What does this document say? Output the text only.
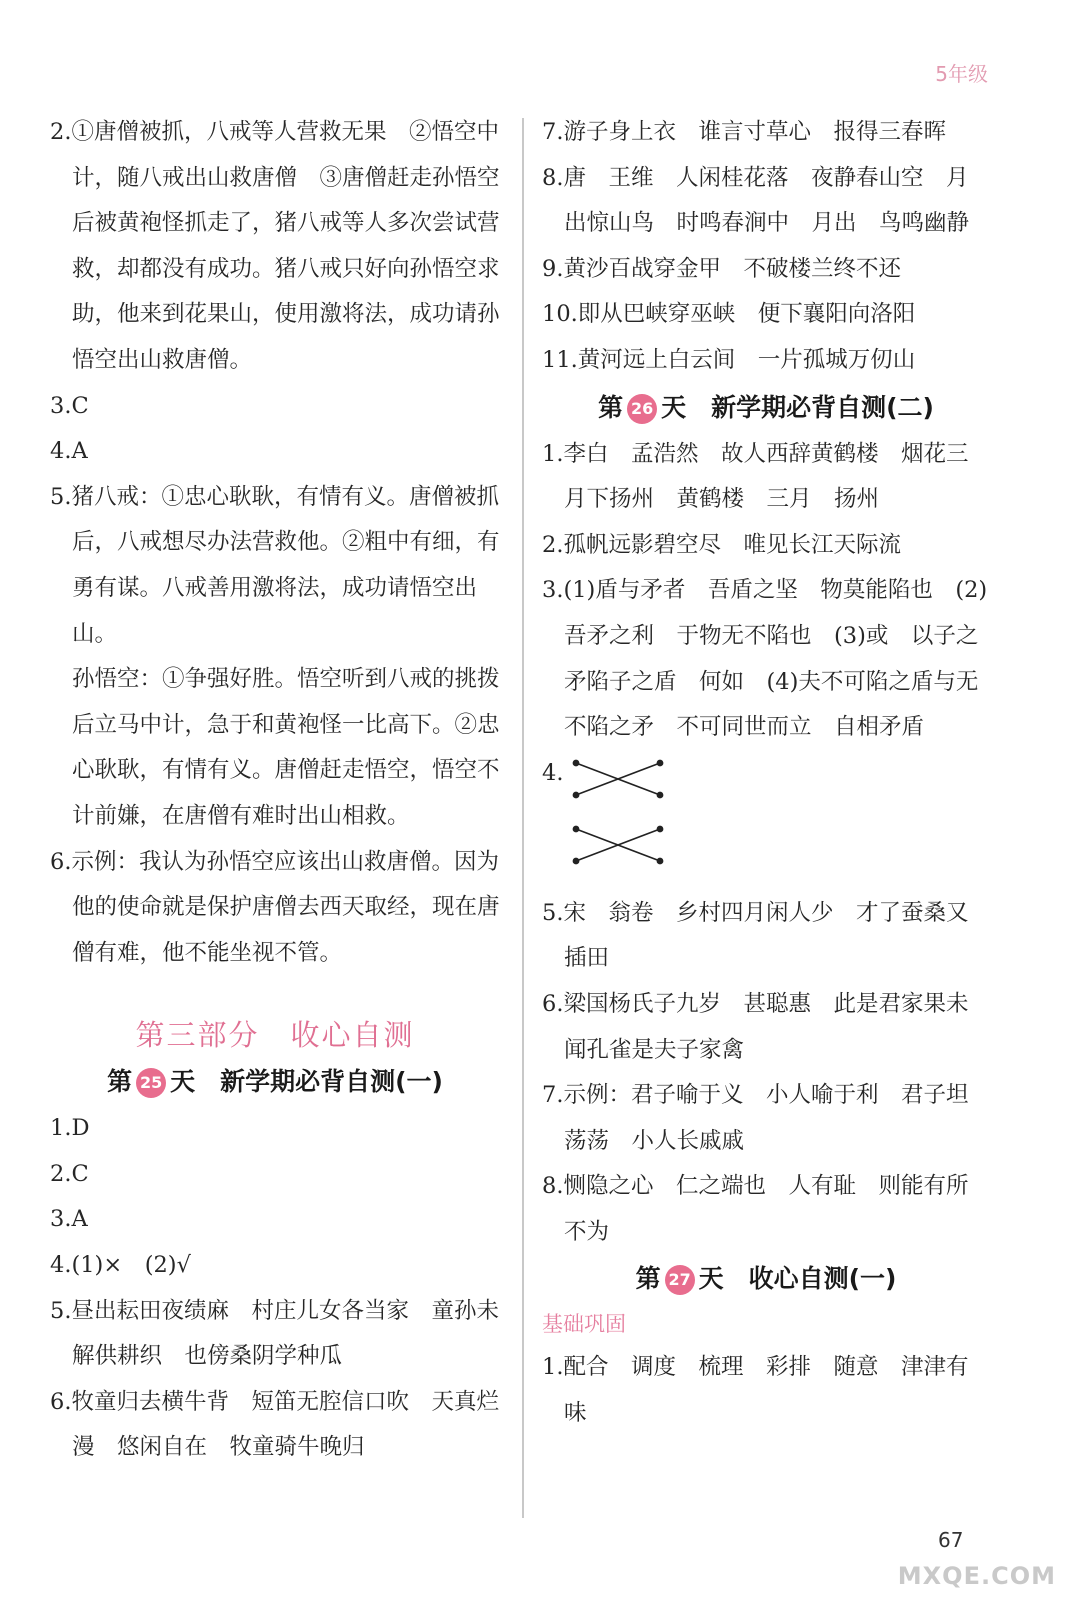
5年级
2.①唐僧被抓，八戒等人营救无果　②悟空中计，随八戒出山救唐僧　③唐僧赶走孙悟空后被黄袍怪抓走了，猪八戒等人多次尝试营救，却都没有成功。猪八戒只好向孙悟空求助，他来到花果山，使用激将法，成功请孙悟空出山救唐僧。
3.C
4.A
5.猪八戒：①忠心耿耿，有情有义。唐僧被抓后，八戒想尽办法营救他。②粗中有细，有勇有谋。八戒善用激将法，成功请悟空出山。
孙悟空：①争强好胜。悟空听到八戒的挑拨后立马中计，急于和黄袍怪一比高下。②忠心耿耿，有情有义。唐僧赶走悟空，悟空不计前嫌，在唐僧有难时出山相救。
6.示例：我认为孙悟空应该出山救唐僧。因为他的使命就是保护唐僧去西天取经，现在唐僧有难，他不能坐视不管。
第三部分　收心自测
第 25 天　新学期必背自测(一)
1.D
2.C
3.A
4.(1)×　(2)√
5.昼出耘田夜绩麻　村庄儿女各当家　童孙未解供耕织　也傍桑阴学种瓜
6.牧童归去横牛背　短笛无腔信口吹　天真烂漫　悠闲自在　牧童骑牛晚归
7.游子身上衣　谁言寸草心　报得三春晖
8.唐　王维　人闲桂花落　夜静春山空　月出惊山鸟　时鸣春涧中　月出　鸟鸣幽静
9.黄沙百战穿金甲　不破楼兰终不还
10.即从巴峡穿巫峡　便下襄阳向洛阳
11.黄河远上白云间　一片孤城万仞山
第 26 天　新学期必背自测(二)
1.李白　孟浩然　故人西辞黄鹤楼　烟花三月下扬州　黄鹤楼　三月　扬州
2.孤帆远影碧空尽　唯见长江天际流
3.(1)盾与矛者　吾盾之坚　物莫能陷也　(2)吾矛之利　于物无不陷也　(3)或　以子之矛陷子之盾　何如　(4)夫不可陷之盾与无不陷之矛　不可同世而立　自相矛盾
4.
5.宋　翁卷　乡村四月闲人少　才了蚕桑又插田
6.梁国杨氏子九岁　甚聪惠　此是君家果未闻孔雀是夫子家禽
7.示例：君子喻于义　小人喻于利　君子坦荡荡　小人长戚戚
8.恻隐之心　仁之端也　人有耻　则能有所不为
第 27 天　收心自测(一)
基础巩固
1.配合　调度　梳理　彩排　随意　津津有味
MXQE.COM
67
